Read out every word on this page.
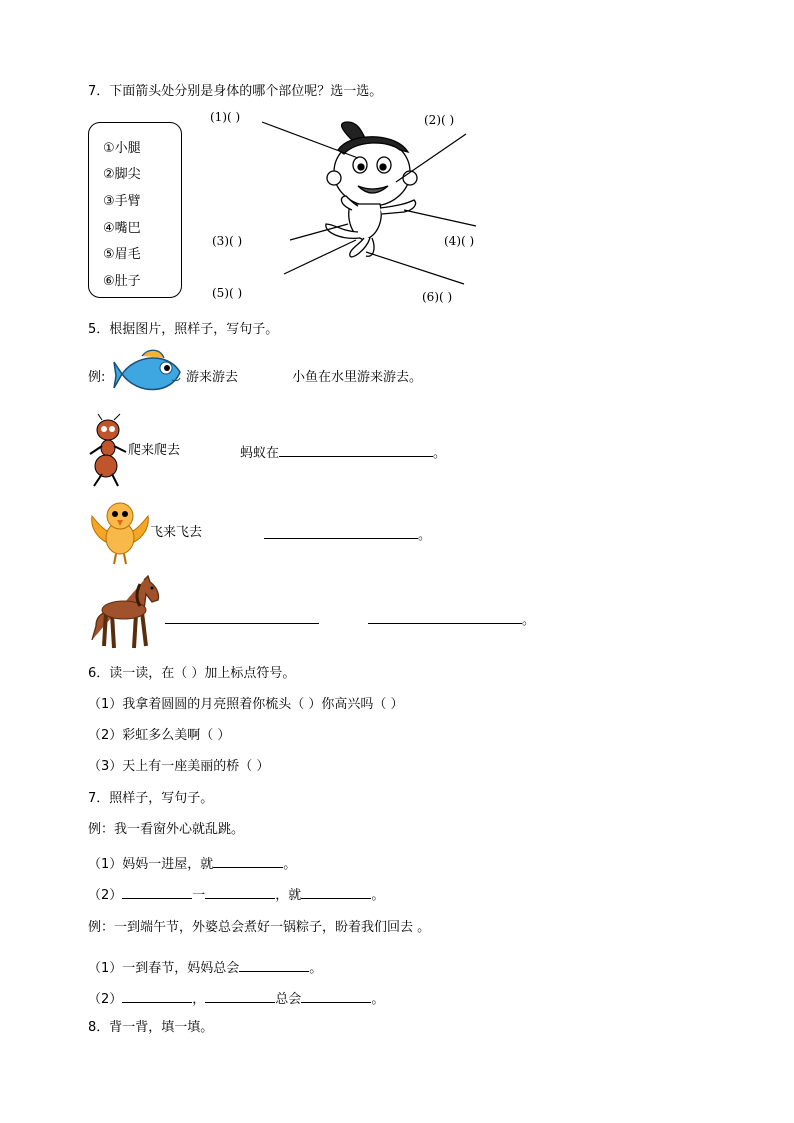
7．下面箭头处分别是身体的哪个部位呢？选一选。
①小腿
②脚尖
③手臂
④嘴巴
⑤眉毛
⑥肚子
(1)( )	(2)( )
(3)( )	(4)( )
(5)( )	(6)( )
5．根据图片，照样子，写句子。
例:	游来游去	小鱼在水里游来游去。
爬来爬去	蚂蚁在	。
飞来飞去	。
。
6．读一读，在（ ）加上标点符号。
（1）我拿着圆圆的月亮照着你梳头（ ）你高兴吗（ ）
（2）彩虹多么美啊（ ）
（3）天上有一座美丽的桥（ ）
7．照样子，写句子。
例：我一看窗外心就乱跳。
（1）妈妈一进屋，就	。
（2）	一	，就	。
例：一到端午节，外婆总会煮好一锅粽子，盼着我们回去 。
（1）一到春节，妈妈总会	。
（2）	，	总会	。
8．背一背，填一填。
